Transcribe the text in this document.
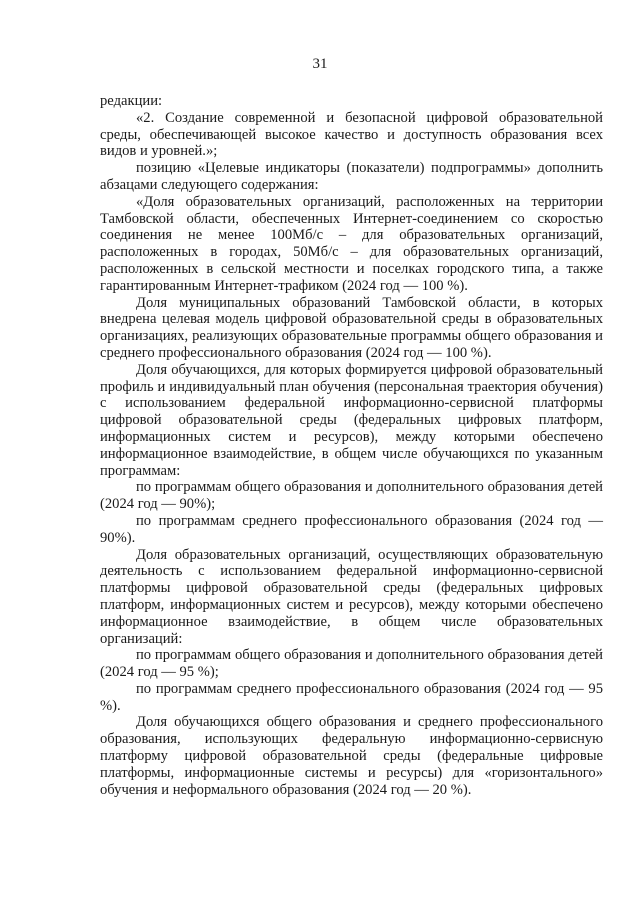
31

редакции:

«2. Создание современной и безопасной цифровой образовательной среды, обеспечивающей высокое качество и доступность образования всех видов и уровней.»;

позицию «Целевые индикаторы (показатели) подпрограммы» дополнить абзацами следующего содержания:

«Доля образовательных организаций, расположенных на территории Тамбовской области, обеспеченных Интернет-соединением со скоростью соединения не менее 100Мб/с – для образовательных организаций, расположенных в городах, 50Мб/с – для образовательных организаций, расположенных в сельской местности и поселках городского типа, а также гарантированным Интернет-трафиком (2024 год — 100 %).

Доля муниципальных образований Тамбовской области, в которых внедрена целевая модель цифровой образовательной среды в образовательных организациях, реализующих образовательные программы общего образования и среднего профессионального образования (2024 год — 100 %).

Доля обучающихся, для которых формируется цифровой образовательный профиль и индивидуальный план обучения (персональная траектория обучения) с использованием федеральной информационно-сервисной платформы цифровой образовательной среды (федеральных цифровых платформ, информационных систем и ресурсов), между которыми обеспечено информационное взаимодействие, в общем числе обучающихся по указанным программам:

по программам общего образования и дополнительного образования детей (2024 год — 90%);

по программам среднего профессионального образования (2024 год — 90%).

Доля образовательных организаций, осуществляющих образовательную деятельность с использованием федеральной информационно-сервисной платформы цифровой образовательной среды (федеральных цифровых платформ, информационных систем и ресурсов), между которыми обеспечено информационное взаимодействие, в общем числе образовательных организаций:

по программам общего образования и дополнительного образования детей (2024 год — 95 %);

по программам среднего профессионального образования (2024 год — 95 %).

Доля обучающихся общего образования и среднего профессионального образования, использующих федеральную информационно-сервисную платформу цифровой образовательной среды (федеральные цифровые платформы, информационные системы и ресурсы) для «горизонтального» обучения и неформального образования (2024 год — 20 %).
